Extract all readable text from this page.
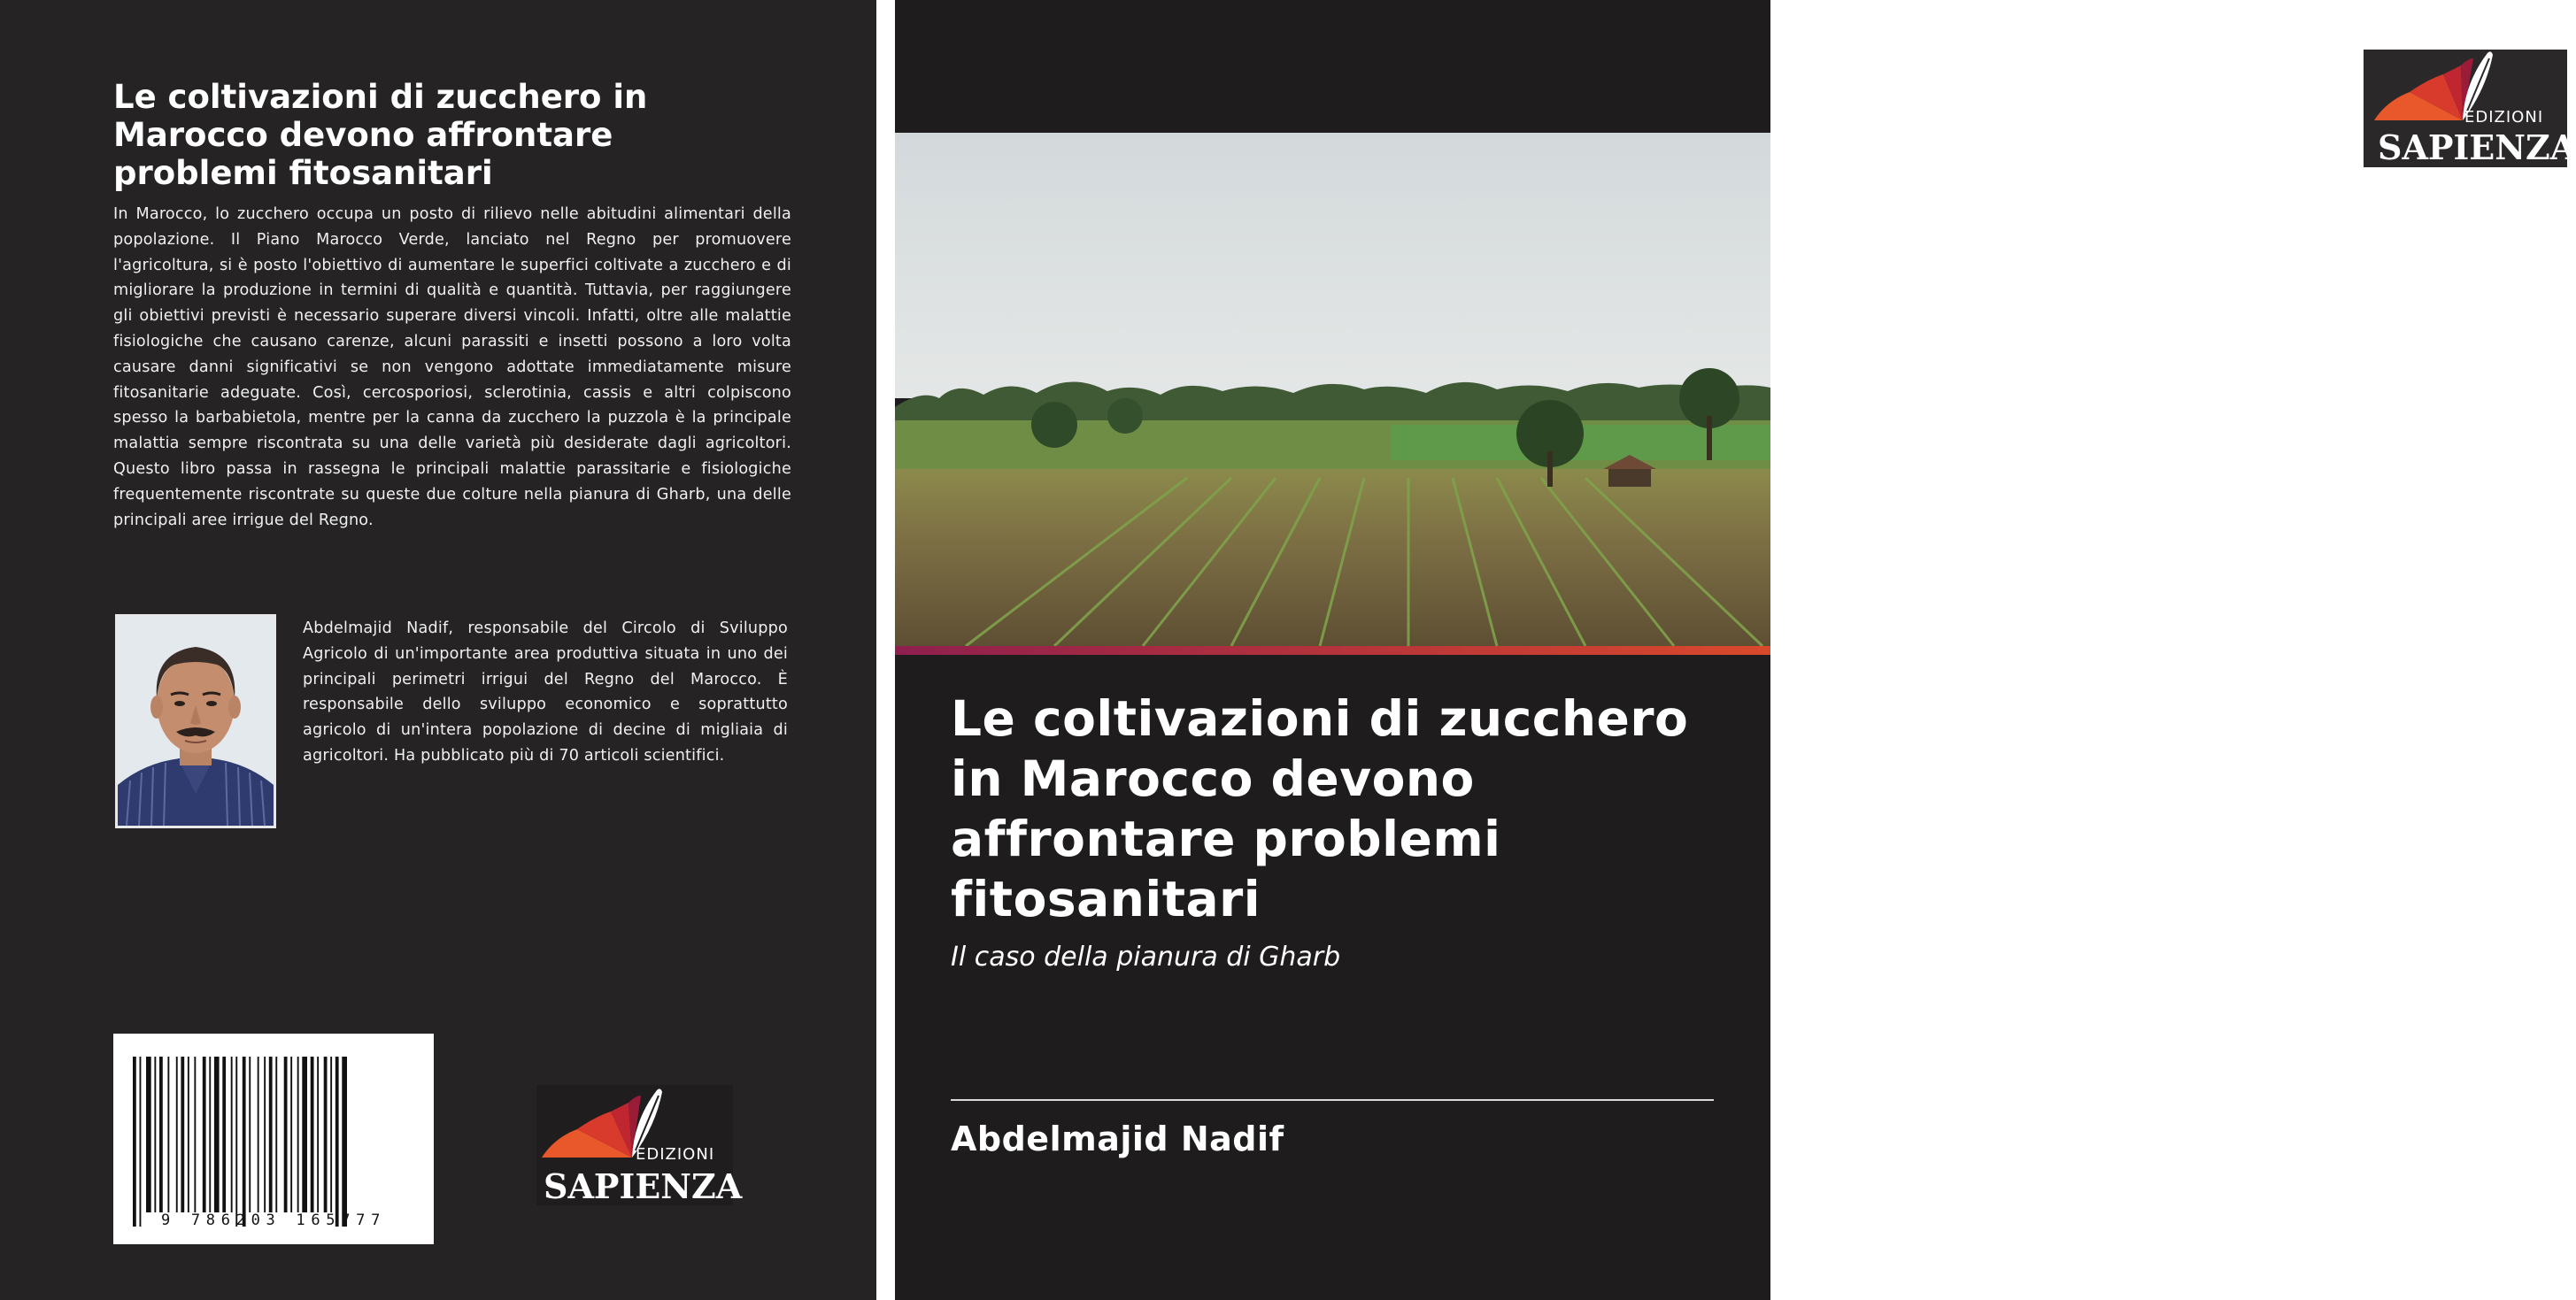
Le coltivazioni di zucchero in Marocco devono affrontare problemi fitosanitari

In Marocco, lo zucchero occupa un posto di rilievo nelle abitudini alimentari della popolazione. Il Piano Marocco Verde, lanciato nel Regno per promuovere l'agricoltura, si è posto l'obiettivo di aumentare le superfici coltivate a zucchero e di migliorare la produzione in termini di qualità e quantità. Tuttavia, per raggiungere gli obiettivi previsti è necessario superare diversi vincoli. Infatti, oltre alle malattie fisiologiche che causano carenze, alcuni parassiti e insetti possono a loro volta causare danni significativi se non vengono adottate immediatamente misure fitosanitarie adeguate. Così, cercosporiosi, sclerotinia, cassis e altri colpiscono spesso la barbabietola, mentre per la canna da zucchero la puzzola è la principale malattia sempre riscontrata su una delle varietà più desiderate dagli agricoltori. Questo libro passa in rassegna le principali malattie parassitarie e fisiologiche frequentemente riscontrate su queste due colture nella pianura di Gharb, una delle principali aree irrigue del Regno.

Abdelmajid Nadif, responsabile del Circolo di Sviluppo Agricolo di un'importante area produttiva situata in uno dei principali perimetri irrigui del Regno del Marocco. È responsabile dello sviluppo economico e soprattutto agricolo di un'intera popolazione di decine di migliaia di agricoltori. Ha pubblicato più di 70 articoli scientifici.

9 786203 165777
EDIZIONI
SAPIENZA
EDIZIONI
SAPIENZA
Le coltivazioni di zucchero in Marocco devono affrontare problemi fitosanitari

Il caso della pianura di Gharb

Abdelmajid Nadif
